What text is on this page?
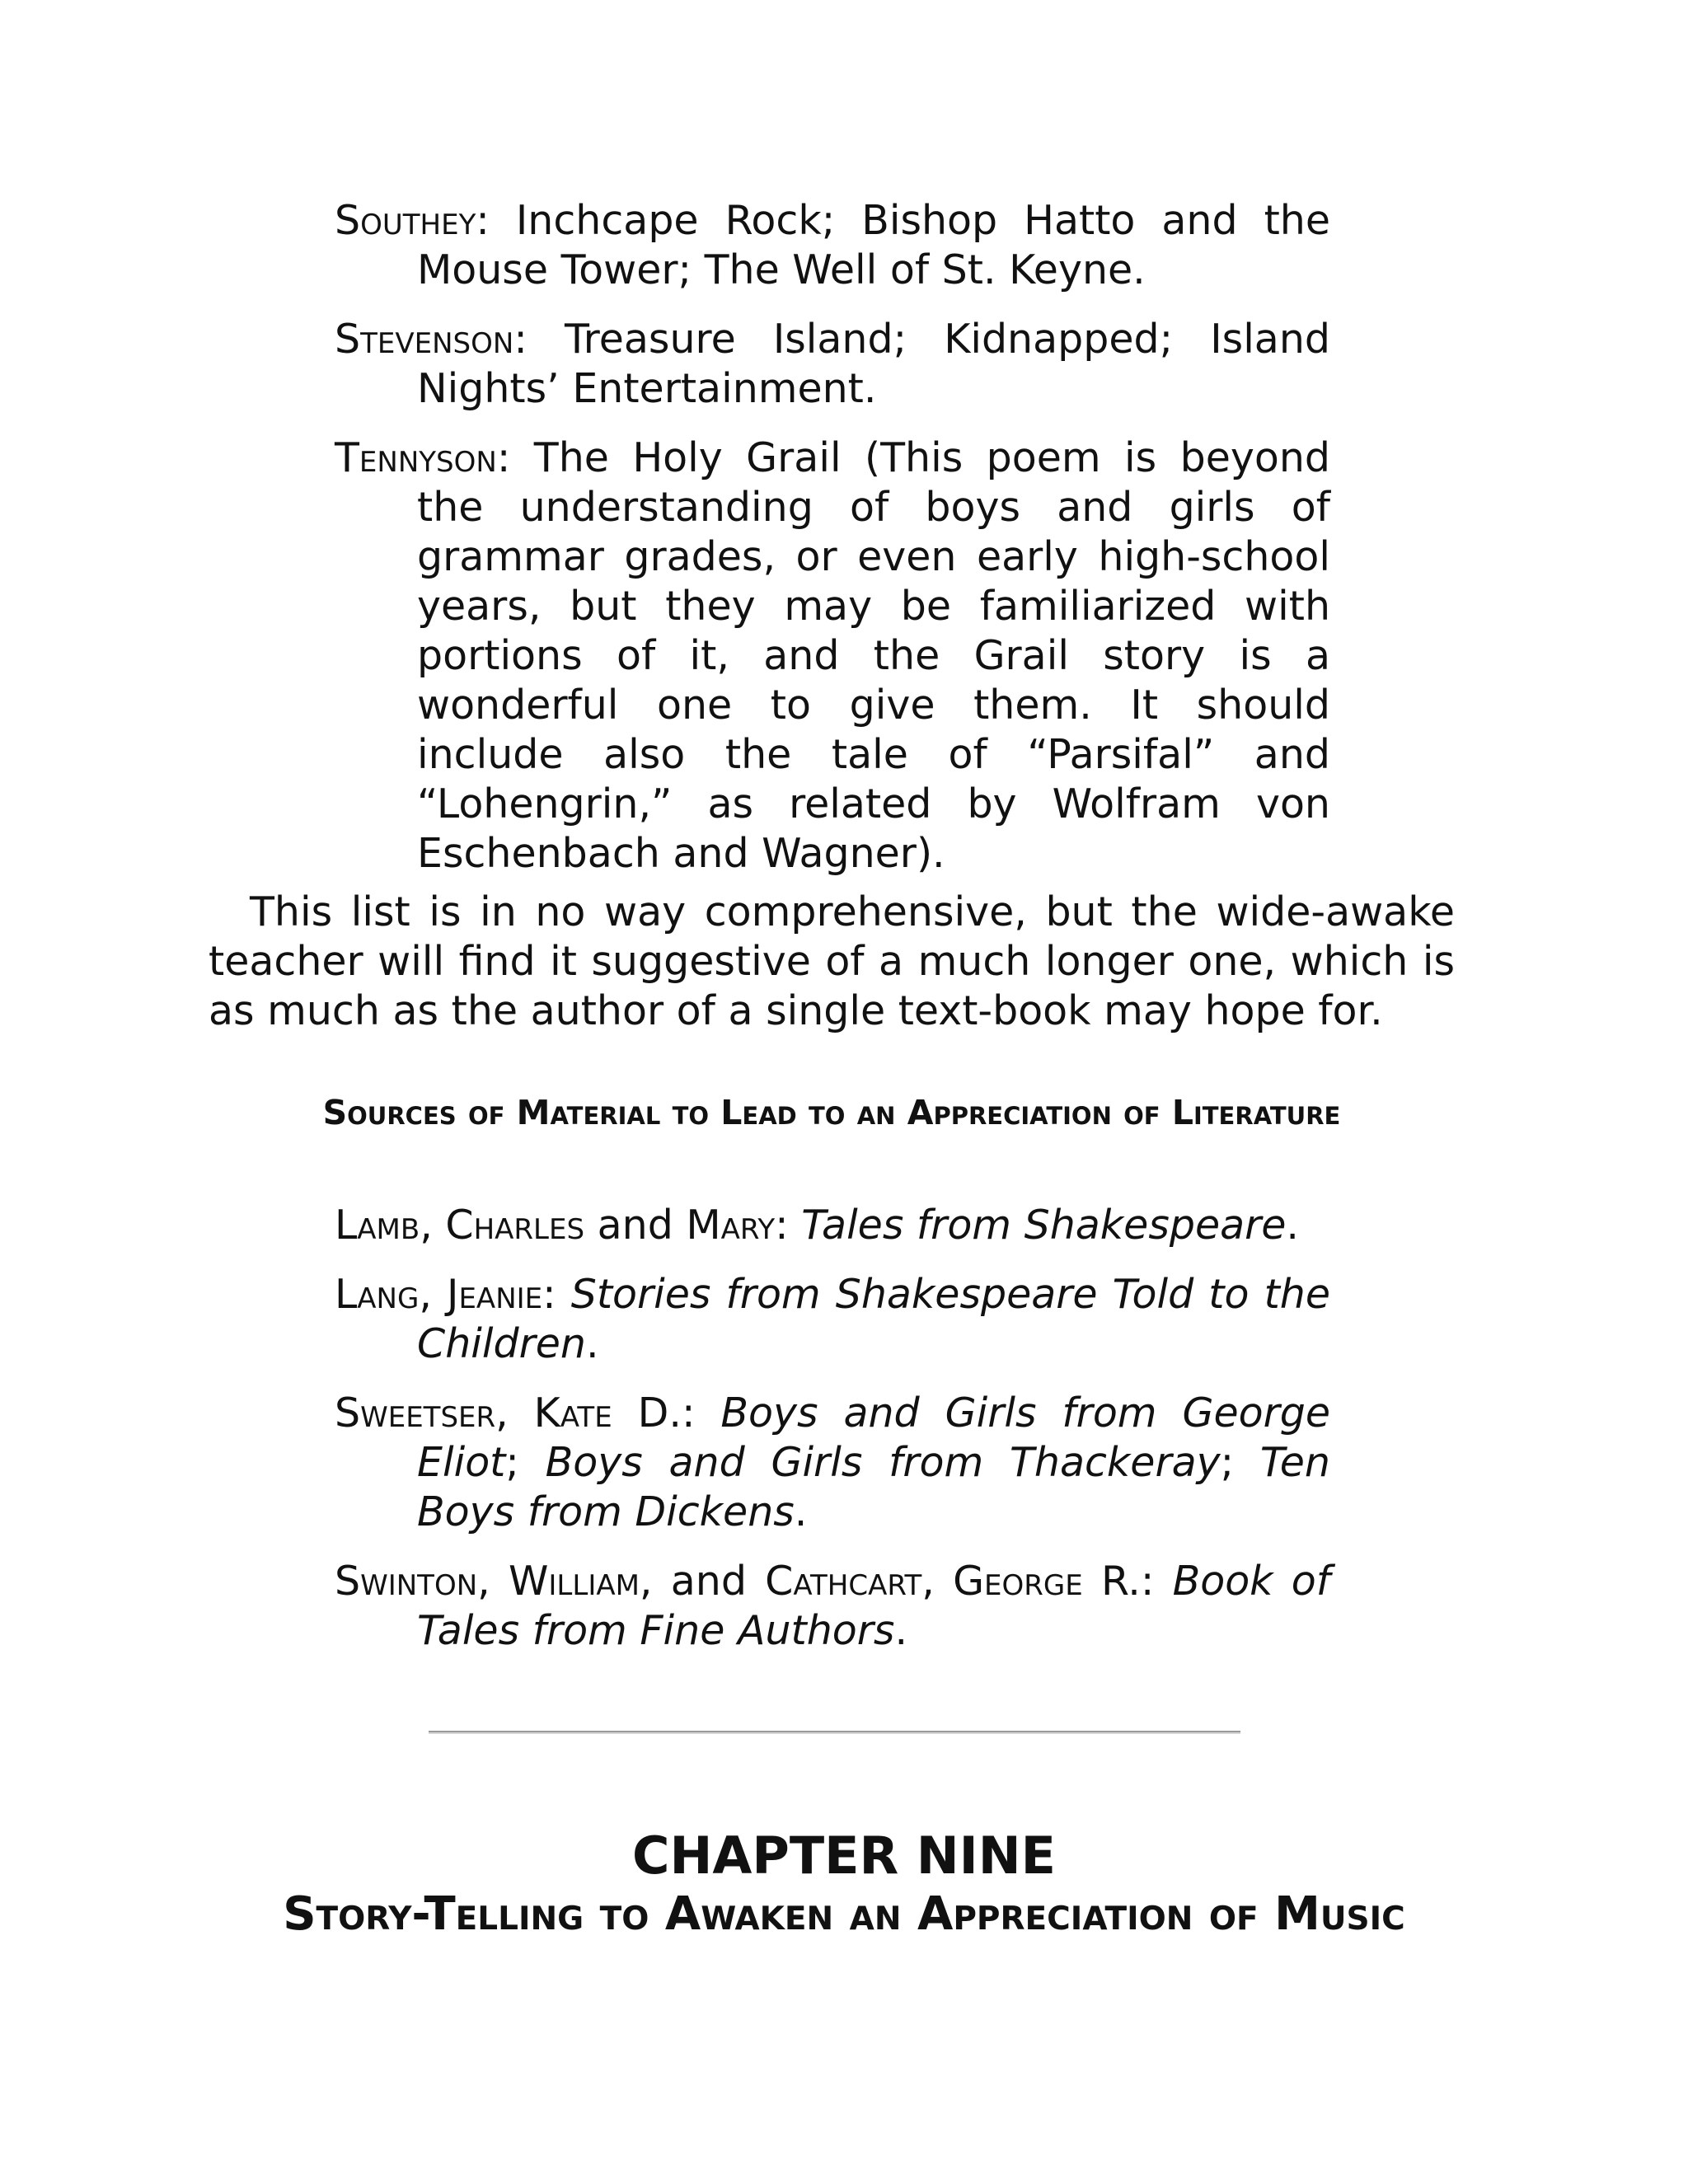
Southey: Inchcape Rock; Bishop Hatto and the Mouse Tower; The Well of St. Keyne.

Stevenson: Treasure Island; Kidnapped; Island Nights’ Entertainment.

Tennyson: The Holy Grail (This poem is beyond the understanding of boys and girls of grammar grades, or even early high-school years, but they may be familiarized with portions of it, and the Grail story is a wonderful one to give them. It should include also the tale of “Parsifal” and “Lohengrin,” as related by Wolfram von Eschenbach and Wagner).

This list is in no way comprehensive, but the wide-awake teacher will find it suggestive of a much longer one, which is as much as the author of a single text-book may hope for.

Sources of Material to Lead to an Appreciation of Literature

Lamb, Charles and Mary: Tales from Shakespeare.

Lang, Jeanie: Stories from Shakespeare Told to the Children.

Sweetser, Kate D.: Boys and Girls from George Eliot; Boys and Girls from Thackeray; Ten Boys from Dickens.

Swinton, William, and Cathcart, George R.: Book of Tales from Fine Authors.

CHAPTER NINE
Story-Telling to Awaken an Appreciation of Music
